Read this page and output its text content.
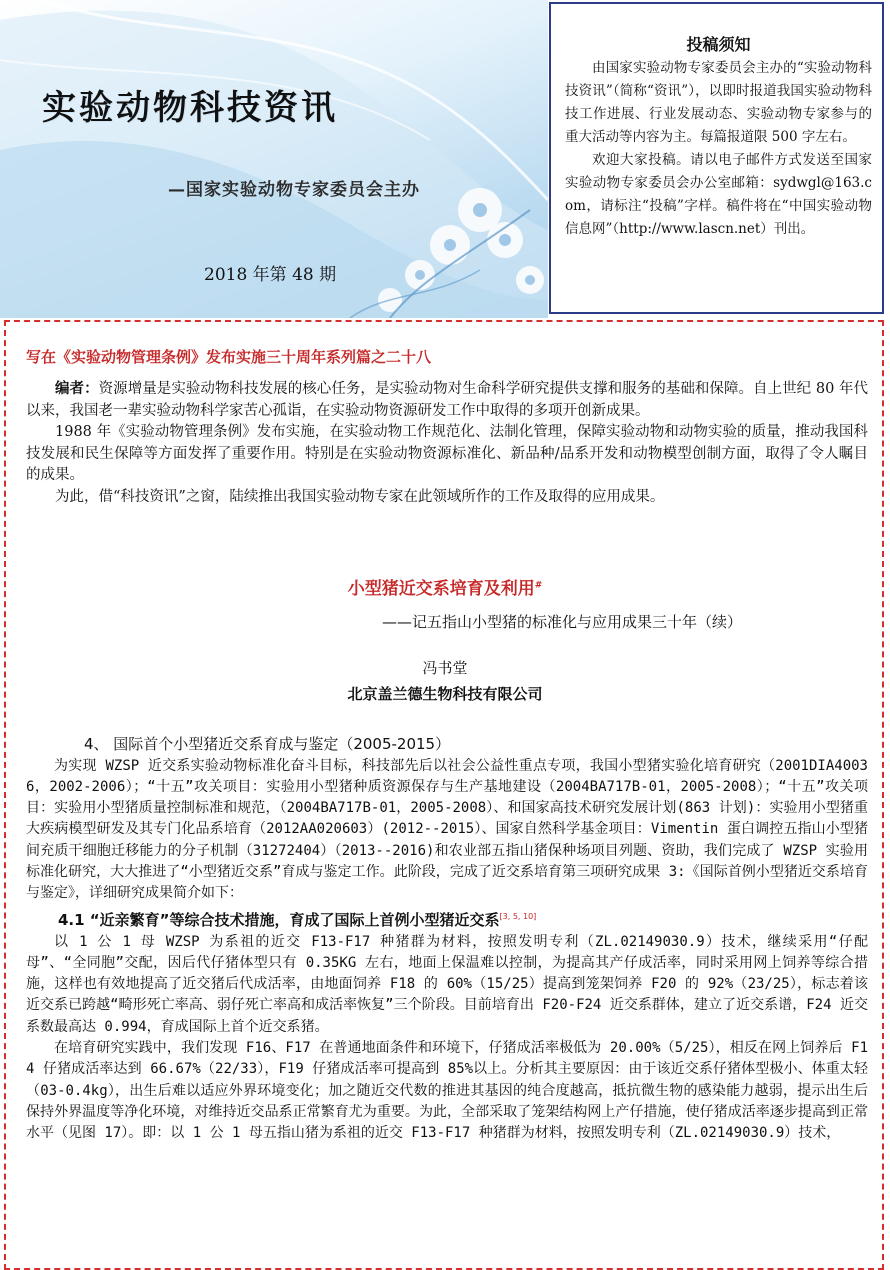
实验动物科技资讯
—国家实验动物专家委员会主办
2018 年第 48 期
投稿须知

由国家实验动物专家委员会主办的“实验动物科技资讯”（简称“资讯”），以即时报道我国实验动物科技工作进展、行业发展动态、实验动物专家参与的重大活动等内容为主。每篇报道限 500 字左右。

欢迎大家投稿。请以电子邮件方式发送至国家实验动物专家委员会办公室邮箱：sydwgl@163.com，请标注“投稿”字样。稿件将在“中国实验动物信息网”（http://www.lascn.net）刊出。

写在《实验动物管理条例》发布实施三十周年系列篇之二十八

编者：资源增量是实验动物科技发展的核心任务，是实验动物对生命科学研究提供支撑和服务的基础和保障。自上世纪 80 年代以来，我国老一辈实验动物科学家苦心孤诣，在实验动物资源研发工作中取得的多项开创新成果。

1988 年《实验动物管理条例》发布实施，在实验动物工作规范化、法制化管理，保障实验动物和动物实验的质量，推动我国科技发展和民生保障等方面发挥了重要作用。特别是在实验动物资源标准化、新品种/品系开发和动物模型创制方面，取得了令人瞩目的成果。

为此，借“科技资讯”之窗，陆续推出我国实验动物专家在此领域所作的工作及取得的应用成果。

小型猪近交系培育及利用#
——记五指山小型猪的标准化与应用成果三十年（续）
冯书堂
北京盖兰德生物科技有限公司
4、 国际首个小型猪近交系育成与鉴定（2005-2015）

为实现 WZSP 近交系实验动物标准化奋斗目标，科技部先后以社会公益性重点专项，我国小型猪实验化培育研究（2001DIA40036，2002-2006）；“十五”攻关项目：实验用小型猪种质资源保存与生产基地建设（2004BA717B-01，2005-2008）；“十五”攻关项目：实验用小型猪质量控制标准和规范，（2004BA717B-01，2005-2008）、和国家高技术研究发展计划(863 计划)：实验用小型猪重大疾病模型研发及其专门化品系培育（2012AA020603）(2012--2015）、国家自然科学基金项目：Vimentin 蛋白调控五指山小型猪间充质干细胞迁移能力的分子机制（31272404）（2013--2016)和农业部五指山猪保种场项目列题、资助，我们完成了 WZSP 实验用标准化研究，大大推进了“小型猪近交系”育成与鉴定工作。此阶段，完成了近交系培育第三项研究成果 3:《国际首例小型猪近交系培育与鉴定》，详细研究成果简介如下：

4.1 “近亲繁育”等综合技术措施，育成了国际上首例小型猪近交系[3, 5, 10]

以 1 公 1 母 WZSP 为系祖的近交 F13-F17 种猪群为材料，按照发明专利（ZL.02149030.9）技术，继续采用“仔配母”、“全同胞”交配，因后代仔猪体型只有 0.35KG 左右，地面上保温难以控制，为提高其产仔成活率，同时采用网上饲养等综合措施，这样也有效地提高了近交猪后代成活率，由地面饲养 F18 的 60%（15/25）提高到笼架饲养 F20 的 92%（23/25），标志着该近交系已跨越“畸形死亡率高、弱仔死亡率高和成活率恢复”三个阶段。目前培育出 F20-F24 近交系群体，建立了近交系谱，F24 近交系数最高达 0.994，育成国际上首个近交系猪。

在培育研究实践中，我们发现 F16、F17 在普通地面条件和环境下，仔猪成活率极低为 20.00%（5/25），相反在网上饲养后 F14 仔猪成活率达到 66.67%（22/33），F19 仔猪成活率可提高到 85%以上。分析其主要原因：由于该近交系仔猪体型极小、体重太轻（03-0.4kg），出生后难以适应外界环境变化；加之随近交代数的推进其基因的纯合度越高，抵抗微生物的感染能力越弱，提示出生后保持外界温度等净化环境，对维持近交品系正常繁育尤为重要。为此，全部采取了笼架结构网上产仔措施，使仔猪成活率逐步提高到正常水平（见图 17）。即：以 1 公 1 母五指山猪为系祖的近交 F13-F17 种猪群为材料，按照发明专利（ZL.02149030.9）技术，
